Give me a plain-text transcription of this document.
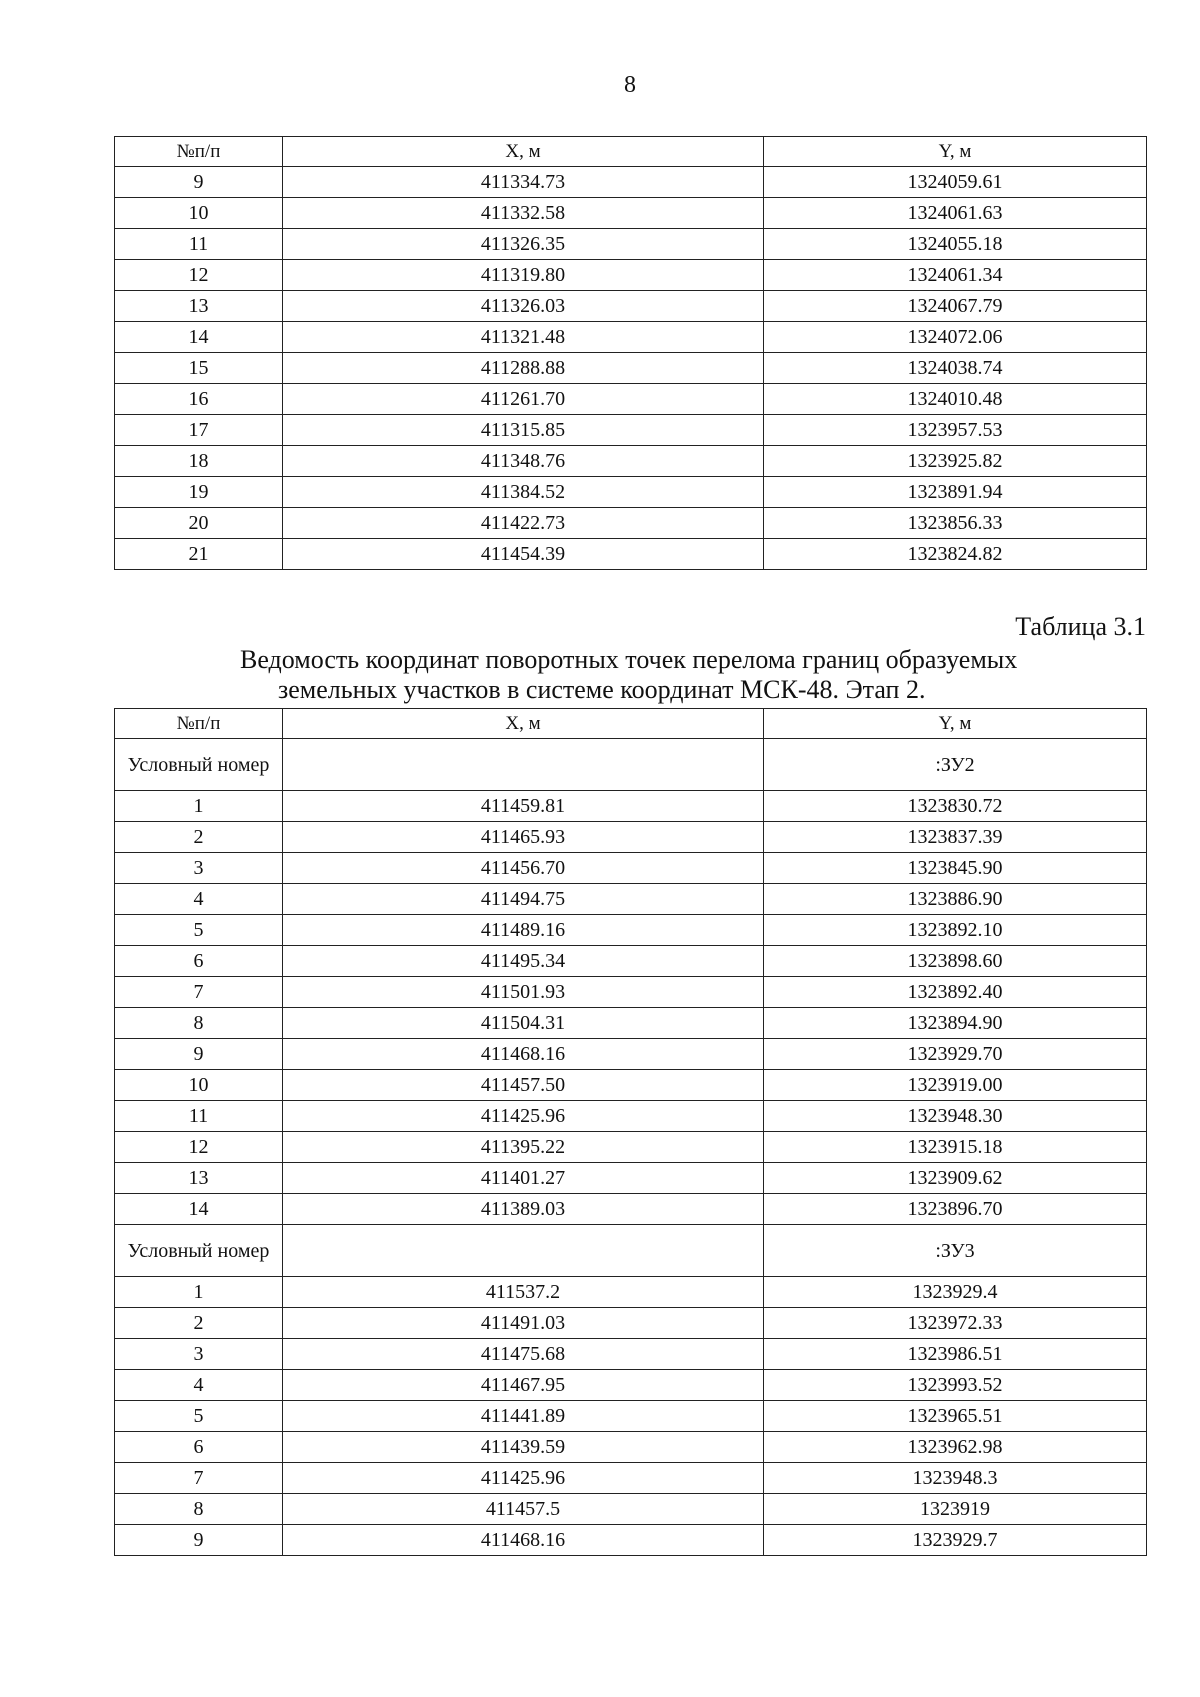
8
№п/п	X, м	Y, м
9	411334.73	1324059.61
10	411332.58	1324061.63
11	411326.35	1324055.18
12	411319.80	1324061.34
13	411326.03	1324067.79
14	411321.48	1324072.06
15	411288.88	1324038.74
16	411261.70	1324010.48
17	411315.85	1323957.53
18	411348.76	1323925.82
19	411384.52	1323891.94
20	411422.73	1323856.33
21	411454.39	1323824.82
Таблица 3.1
Ведомость координат поворотных точек перелома границ образуемых
земельных участков в системе координат МСК-48. Этап 2.
№п/п	X, м	Y, м
Условный номер		:ЗУ2
1	411459.81	1323830.72
2	411465.93	1323837.39
3	411456.70	1323845.90
4	411494.75	1323886.90
5	411489.16	1323892.10
6	411495.34	1323898.60
7	411501.93	1323892.40
8	411504.31	1323894.90
9	411468.16	1323929.70
10	411457.50	1323919.00
11	411425.96	1323948.30
12	411395.22	1323915.18
13	411401.27	1323909.62
14	411389.03	1323896.70
Условный номер		:ЗУ3
1	411537.2	1323929.4
2	411491.03	1323972.33
3	411475.68	1323986.51
4	411467.95	1323993.52
5	411441.89	1323965.51
6	411439.59	1323962.98
7	411425.96	1323948.3
8	411457.5	1323919
9	411468.16	1323929.7
